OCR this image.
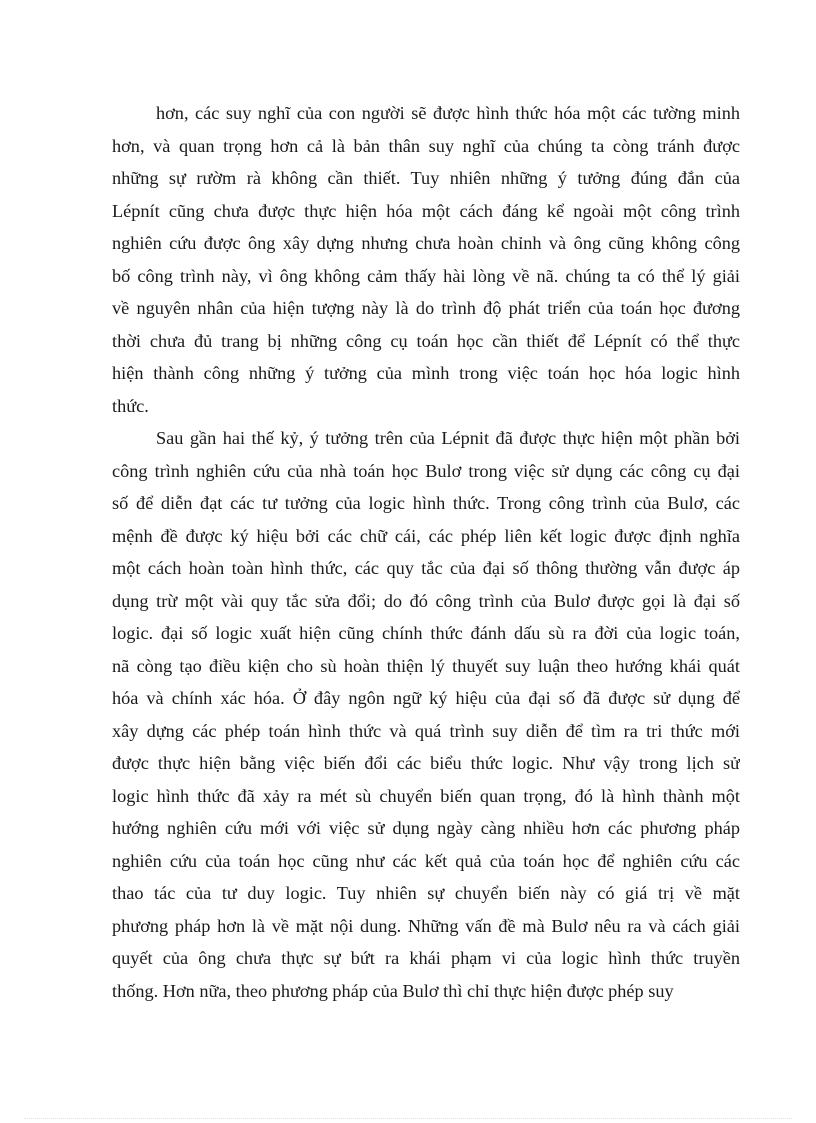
hơn, các suy nghĩ của con người sẽ được hình thức hóa một các tường minh
hơn, và quan trọng hơn cả là bản thân suy nghĩ của chúng ta còng tránh được
những sự rườm rà không cần thiết. Tuy nhiên những ý tưởng đúng đắn của
Lépnít cũng chưa được thực hiện hóa một cách đáng kể ngoài một công trình
nghiên cứu được ông xây dựng nhưng chưa hoàn chỉnh và ông cũng không công
bố công trình này, vì ông không cảm thấy hài lòng về nã. chúng ta có thể lý giải
về nguyên nhân của hiện tượng này là do trình độ phát triển của toán học đương
thời chưa đủ trang bị những công cụ toán học cần thiết để Lépnít có thể thực
hiện thành công những ý tưởng của mình trong việc toán học hóa logic hình
thức.
Sau gần hai thế kỷ, ý tưởng trên của Lépnit đã được thực hiện một phần bởi
công trình nghiên cứu của nhà toán học Bulơ trong việc sử dụng các công cụ đại
số để diễn đạt các tư tưởng của logic hình thức. Trong công trình của Bulơ, các
mệnh đề được ký hiệu bởi các chữ cái, các phép liên kết logic được định nghĩa
một cách hoàn toàn hình thức, các quy tắc của đại số thông thường vẫn được áp
dụng trừ một vài quy tắc sửa đổi; do đó công trình của Bulơ được gọi là đại số
logic. đại số logic xuất hiện cũng chính thức đánh dấu sù ra đời của logic toán,
nã còng tạo điều kiện cho sù hoàn thiện lý thuyết suy luận theo hướng khái quát
hóa và chính xác hóa. Ở đây ngôn ngữ ký hiệu của đại số đã được sử dụng để
xây dựng các phép toán hình thức và quá trình suy diễn để tìm ra tri thức mới
được thực hiện bằng việc biến đổi các biểu thức logic. Như vậy trong lịch sử
logic hình thức đã xảy ra mét sù chuyển biến quan trọng, đó là hình thành một
hướng nghiên cứu mới với việc sử dụng ngày càng nhiều hơn các phương pháp
nghiên cứu của toán học cũng như các kết quả của toán học để nghiên cứu các
thao tác của tư duy logic. Tuy nhiên sự chuyển biến này có giá trị về mặt
phương pháp hơn là về mặt nội dung. Những vấn đề mà Bulơ nêu ra và cách giải
quyết của ông chưa thực sự bứt ra khái phạm vi của logic hình thức truyền
thống. Hơn nữa, theo phương pháp của Bulơ thì chỉ thực hiện được phép suy
